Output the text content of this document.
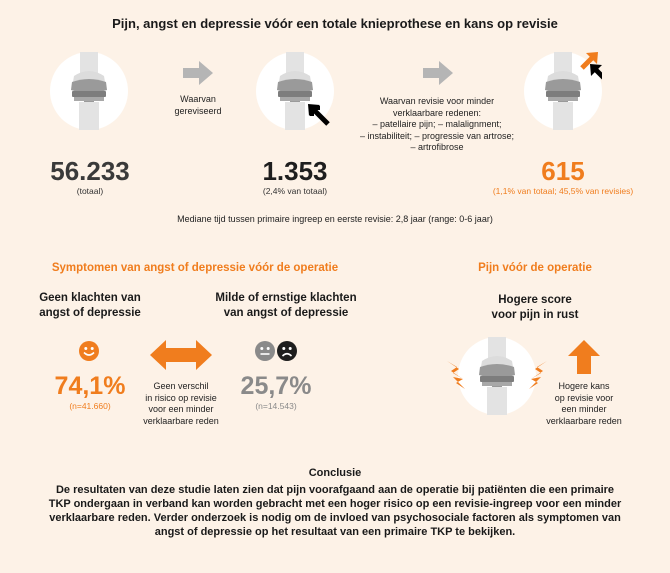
Pijn, angst en depressie vóór een totale knieprothese en kans op revisie
Waarvan gereviseerd
Waarvan revisie voor minder
verklaarbare redenen:
– patellaire pijn; – malalignment;
– instabiliteit; – progressie van artrose;
– artrofibrose
56.233
(totaal)
1.353
(2,4% van totaal)
615
(1,1% van totaal; 45,5% van revisies)
Mediane tijd tussen primaire ingreep en eerste revisie: 2,8 jaar (range: 0-6 jaar)
Symptomen van angst of depressie vóór de operatie
Geen klachten van
angst of depressie
Milde of ernstige klachten
van angst of depressie
74,1%
(n=41.660)
Geen verschil
in risico op revisie
voor een minder
verklaarbare reden
25,7%
(n=14.543)
Pijn vóór de operatie
Hogere score
voor pijn in rust
Hogere kans
op revisie voor
een minder
verklaarbare reden
Conclusie
De resultaten van deze studie laten zien dat pijn voorafgaand aan de operatie bij patiënten die een primaire
TKP ondergaan in verband kan worden gebracht met een hoger risico op een revisie-ingreep voor een minder
verklaarbare reden. Verder onderzoek is nodig om de invloed van psychosociale factoren als symptomen van
angst of depressie op het resultaat van een primaire TKP te bekijken.
